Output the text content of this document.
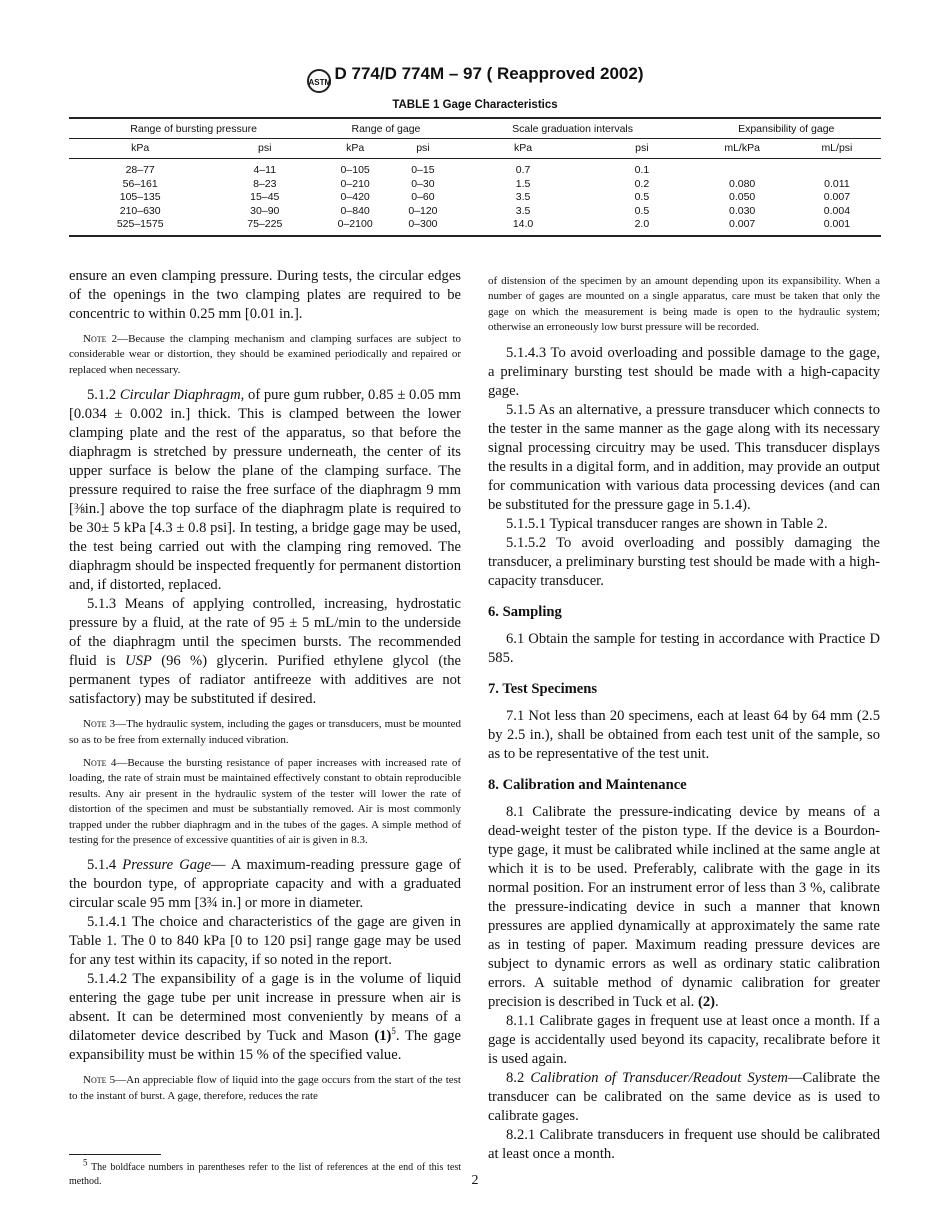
ASTM D 774/D 774M – 97 ( Reapproved 2002)
TABLE 1 Gage Characteristics
Range of bursting pressure		Range of gage		Scale graduation intervals		Expansibility of gage	
kPa	psi	kPa	psi	kPa	psi	mL/kPa	mL/psi
28–77	4–11	0–105	0–15	0.7	0.1		
56–161	8–23	0–210	0–30	1.5	0.2	0.080	0.011
105–135	15–45	0–420	0–60	3.5	0.5	0.050	0.007
210–630	30–90	0–840	0–120	3.5	0.5	0.030	0.004
525–1575	75–225	0–2100	0–300	14.0	2.0	0.007	0.001

ensure an even clamping pressure. During tests, the circular edges of the openings in the two clamping plates are required to be concentric to within 0.25 mm [0.01 in.].

Note 2—Because the clamping mechanism and clamping surfaces are subject to considerable wear or distortion, they should be examined periodically and repaired or replaced when necessary.

5.1.2 Circular Diaphragm, of pure gum rubber, 0.85 ± 0.05 mm [0.034 ± 0.002 in.] thick. This is clamped between the lower clamping plate and the rest of the apparatus, so that before the diaphragm is stretched by pressure underneath, the center of its upper surface is below the plane of the clamping surface. The pressure required to raise the free surface of the diaphragm 9 mm [⅜in.] above the top surface of the diaphragm plate is required to be 30± 5 kPa [4.3 ± 0.8 psi]. In testing, a bridge gage may be used, the test being carried out with the clamping ring removed. The diaphragm should be inspected frequently for permanent distortion and, if distorted, replaced.

5.1.3 Means of applying controlled, increasing, hydrostatic pressure by a fluid, at the rate of 95 ± 5 mL/min to the underside of the diaphragm until the specimen bursts. The recommended fluid is USP (96 %) glycerin. Purified ethylene glycol (the permanent types of radiator antifreeze with additives are not satisfactory) may be substituted if desired.

Note 3—The hydraulic system, including the gages or transducers, must be mounted so as to be free from externally induced vibration.

Note 4—Because the bursting resistance of paper increases with increased rate of loading, the rate of strain must be maintained effectively constant to obtain reproducible results. Any air present in the hydraulic system of the tester will lower the rate of distortion of the specimen and must be substantially removed. Air is most commonly trapped under the rubber diaphragm and in the tubes of the gages. A simple method of testing for the presence of excessive quantities of air is given in 8.3.

5.1.4 Pressure Gage— A maximum-reading pressure gage of the bourdon type, of appropriate capacity and with a graduated circular scale 95 mm [3¾ in.] or more in diameter.

5.1.4.1 The choice and characteristics of the gage are given in Table 1. The 0 to 840 kPa [0 to 120 psi] range gage may be used for any test within its capacity, if so noted in the report.

5.1.4.2 The expansibility of a gage is in the volume of liquid entering the gage tube per unit increase in pressure when air is absent. It can be determined most conveniently by means of a dilatometer device described by Tuck and Mason $(1)^5$. The gage expansibility must be within 15 % of the specified value.

Note 5—An appreciable flow of liquid into the gage occurs from the start of the test to the instant of burst. A gage, therefore, reduces the rate

$^5$ The boldface numbers in parentheses refer to the list of references at the end of this test method.

of distension of the specimen by an amount depending upon its expansibility. When a number of gages are mounted on a single apparatus, care must be taken that only the gage on which the measurement is being made is open to the hydraulic system; otherwise an erroneously low burst pressure will be recorded.

5.1.4.3 To avoid overloading and possible damage to the gage, a preliminary bursting test should be made with a high-capacity gage.

5.1.5 As an alternative, a pressure transducer which connects to the tester in the same manner as the gage along with its necessary signal processing circuitry may be used. This transducer displays the results in a digital form, and in addition, may provide an output for communication with various data processing devices (and can be substituted for the pressure gage in 5.1.4).

5.1.5.1 Typical transducer ranges are shown in Table 2.

5.1.5.2 To avoid overloading and possibly damaging the transducer, a preliminary bursting test should be made with a high-capacity transducer.

6. Sampling

6.1 Obtain the sample for testing in accordance with Practice D 585.

7. Test Specimens

7.1 Not less than 20 specimens, each at least 64 by 64 mm (2.5 by 2.5 in.), shall be obtained from each test unit of the sample, so as to be representative of the test unit.

8. Calibration and Maintenance

8.1 Calibrate the pressure-indicating device by means of a dead-weight tester of the piston type. If the device is a Bourdon-type gage, it must be calibrated while inclined at the same angle at which it is to be used. Preferably, calibrate with the gage in its normal position. For an instrument error of less than 3 %, calibrate the pressure-indicating device in such a manner that known pressures are applied dynamically at approximately the same rate as in testing of paper. Maximum reading pressure devices are subject to dynamic errors as well as ordinary static calibration errors. A suitable method of dynamic calibration for greater precision is described in Tuck et al. (2).

8.1.1 Calibrate gages in frequent use at least once a month. If a gage is accidentally used beyond its capacity, recalibrate before it is used again.

8.2 Calibration of Transducer/Readout System—Calibrate the transducer can be calibrated on the same device as is used to calibrate gages.

8.2.1 Calibrate transducers in frequent use should be calibrated at least once a month.

2
